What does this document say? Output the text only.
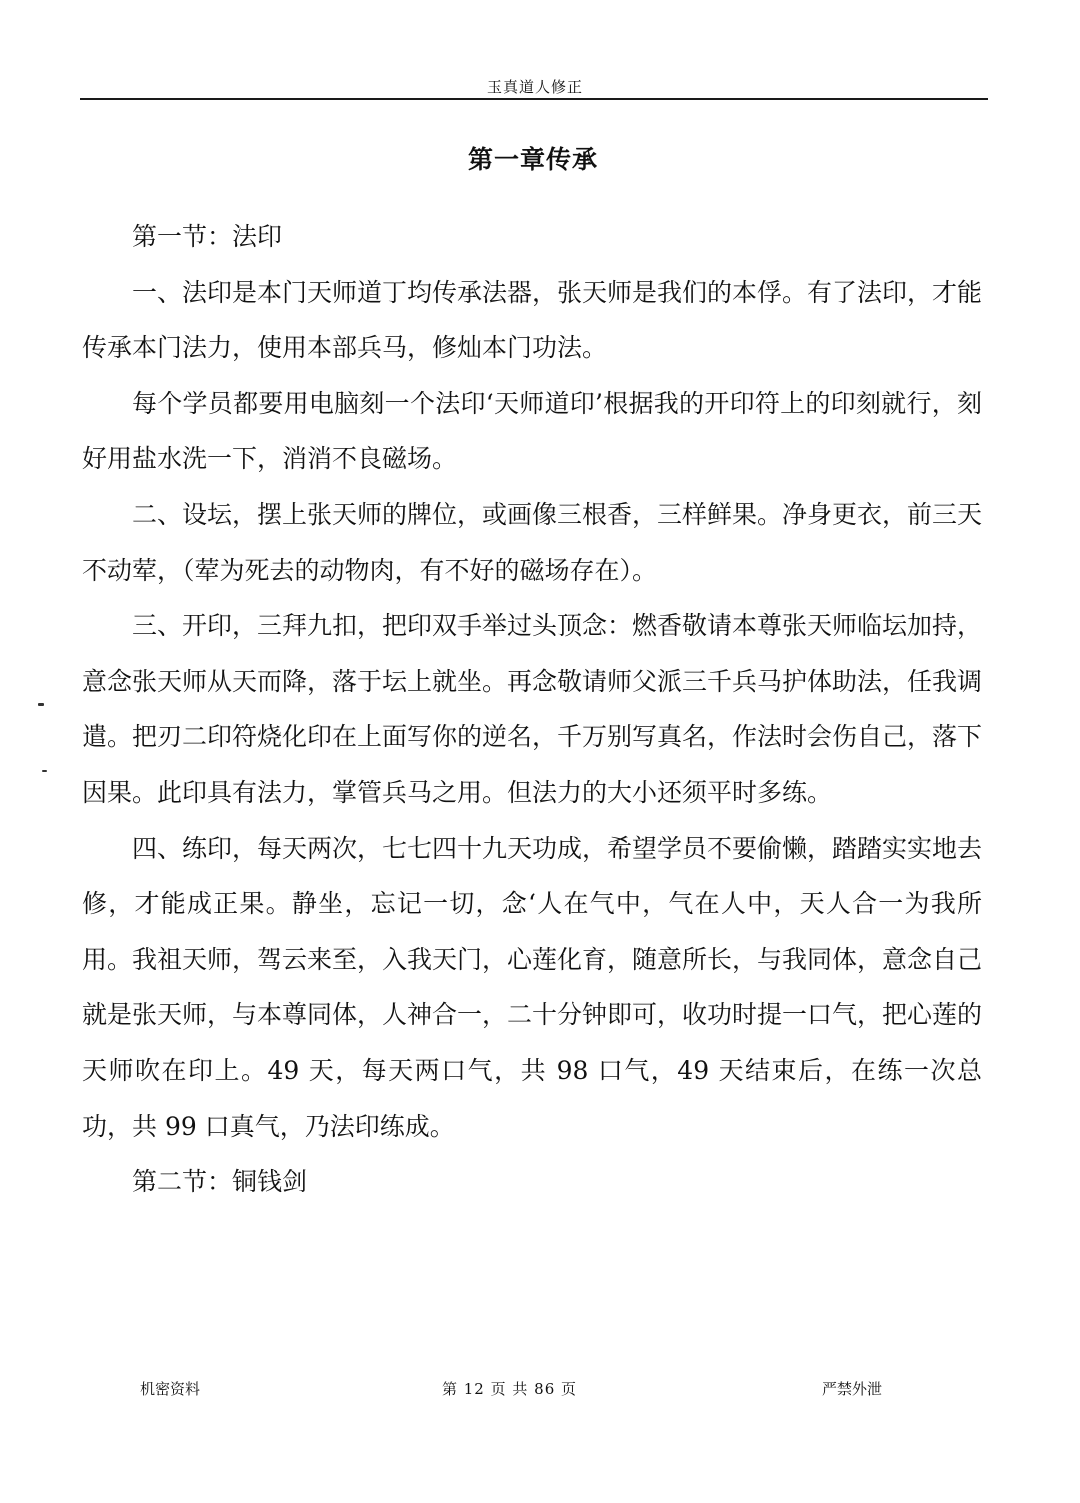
玉真道人修正
第一章传承

第一节：法印

一、法印是本门天师道丁均传承法器，张天师是我们的本俘。有了法印，才能传承本门法力，使用本部兵马，修灿本门功法。

每个学员都要用电脑刻一个法印‘天师道印’根据我的开印符上的印刻就行，刻好用盐水洗一下，消消不良磁场。

二、设坛，摆上张天师的牌位，或画像三根香，三样鲜果。净身更衣，前三天不动荤，（荤为死去的动物肉，有不好的磁场存在）。

三、开印，三拜九扣，把印双手举过头顶念：燃香敬请本尊张天师临坛加持，意念张天师从天而降，落于坛上就坐。再念敬请师父派三千兵马护体助法，任我调遣。把刃二印符烧化印在上面写你的逆名，千万别写真名，作法时会伤自己，落下因果。此印具有法力，掌管兵马之用。但法力的大小还须平时多练。

四、练印，每天两次，七七四十九天功成，希望学员不要偷懒，踏踏实实地去修，才能成正果。静坐，忘记一切，念‘人在气中，气在人中，天人合一为我所用。我祖天师，驾云来至，入我天门，心莲化育，随意所长，与我同体，意念自己就是张天师，与本尊同体，人神合一，二十分钟即可，收功时提一口气，把心莲的天师吹在印上。49 天，每天两口气，共 98 口气，49 天结束后，在练一次总功，共 99 口真气，乃法印练成。

第二节：铜钱剑

机密资料	第 12 页 共 86 页	严禁外泄
